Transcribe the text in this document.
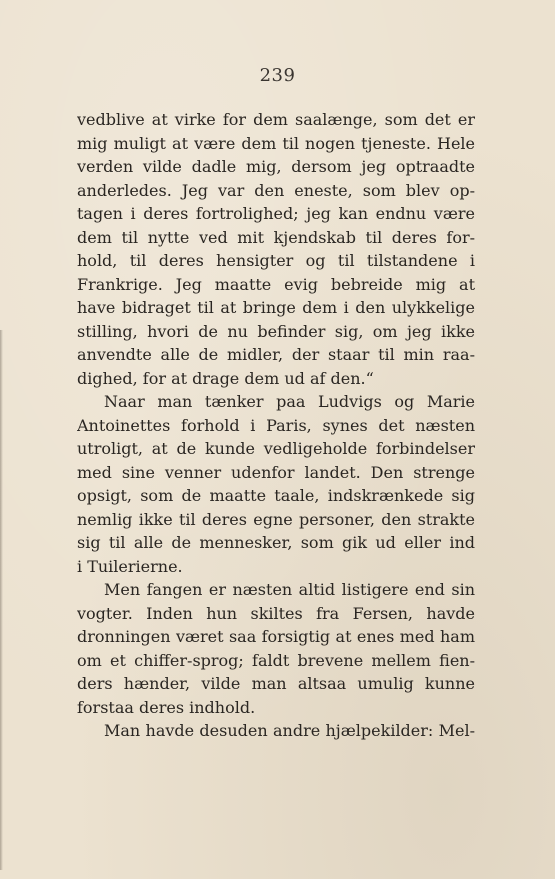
239
vedblive at virke for dem saalænge, som det er
mig muligt at være dem til nogen tjeneste. Hele
verden vilde dadle mig, dersom jeg optraadte
anderledes. Jeg var den eneste, som blev op-
tagen i deres fortrolighed; jeg kan endnu være
dem til nytte ved mit kjendskab til deres for-
hold, til deres hensigter og til tilstandene i
Frankrige. Jeg maatte evig bebreide mig at
have bidraget til at bringe dem i den ulykkelige
stilling, hvori de nu befinder sig, om jeg ikke
anvendte alle de midler, der staar til min raa-
dighed, for at drage dem ud af den.“
Naar man tænker paa Ludvigs og Marie
Antoinettes forhold i Paris, synes det næsten
utroligt, at de kunde vedligeholde forbindelser
med sine venner udenfor landet. Den strenge
opsigt, som de maatte taale, indskrænkede sig
nemlig ikke til deres egne personer, den strakte
sig til alle de mennesker, som gik ud eller ind
i Tuilerierne.
Men fangen er næsten altid listigere end sin
vogter. Inden hun skiltes fra Fersen, havde
dronningen været saa forsigtig at enes med ham
om et chiffer-sprog; faldt brevene mellem fien-
ders hænder, vilde man altsaa umulig kunne
forstaa deres indhold.
Man havde desuden andre hjælpekilder: Mel-
